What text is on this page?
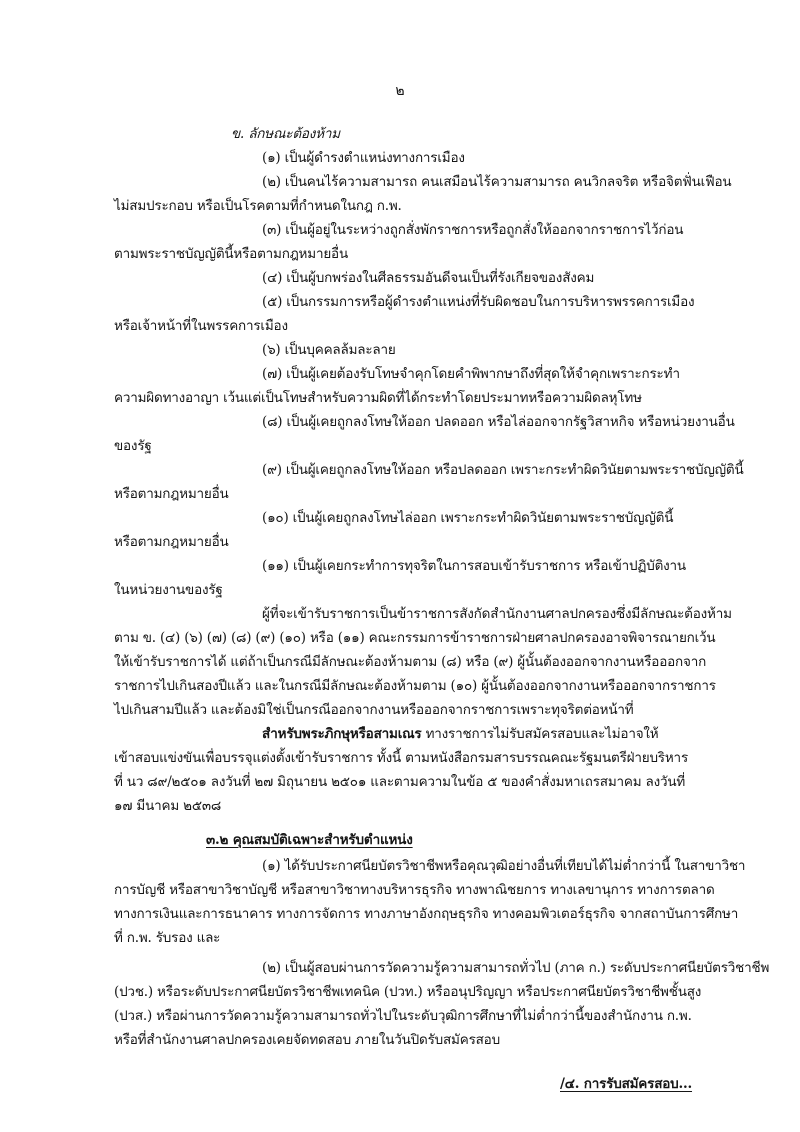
๒
ข. ลักษณะต้องห้าม
(๑) เป็นผู้ดำรงตำแหน่งทางการเมือง
(๒) เป็นคนไร้ความสามารถ คนเสมือนไร้ความสามารถ คนวิกลจริต หรือจิตฟั่นเฟือน
ไม่สมประกอบ หรือเป็นโรคตามที่กำหนดในกฎ ก.พ.
(๓) เป็นผู้อยู่ในระหว่างถูกสั่งพักราชการหรือถูกสั่งให้ออกจากราชการไว้ก่อน
ตามพระราชบัญญัตินี้หรือตามกฎหมายอื่น
(๔) เป็นผู้บกพร่องในศีลธรรมอันดีจนเป็นที่รังเกียจของสังคม
(๕) เป็นกรรมการหรือผู้ดำรงตำแหน่งที่รับผิดชอบในการบริหารพรรคการเมือง
หรือเจ้าหน้าที่ในพรรคการเมือง
(๖) เป็นบุคคลล้มละลาย
(๗) เป็นผู้เคยต้องรับโทษจำคุกโดยคำพิพากษาถึงที่สุดให้จำคุกเพราะกระทำ
ความผิดทางอาญา เว้นแต่เป็นโทษสำหรับความผิดที่ได้กระทำโดยประมาทหรือความผิดลหุโทษ
(๘) เป็นผู้เคยถูกลงโทษให้ออก ปลดออก หรือไล่ออกจากรัฐวิสาหกิจ หรือหน่วยงานอื่น
ของรัฐ
(๙) เป็นผู้เคยถูกลงโทษให้ออก หรือปลดออก เพราะกระทำผิดวินัยตามพระราชบัญญัตินี้
หรือตามกฎหมายอื่น
(๑๐) เป็นผู้เคยถูกลงโทษไล่ออก เพราะกระทำผิดวินัยตามพระราชบัญญัตินี้
หรือตามกฎหมายอื่น
(๑๑) เป็นผู้เคยกระทำการทุจริตในการสอบเข้ารับราชการ หรือเข้าปฏิบัติงาน
ในหน่วยงานของรัฐ
ผู้ที่จะเข้ารับราชการเป็นข้าราชการสังกัดสำนักงานศาลปกครองซึ่งมีลักษณะต้องห้าม
ตาม ข. (๔) (๖) (๗) (๘) (๙) (๑๐) หรือ (๑๑) คณะกรรมการข้าราชการฝ่ายศาลปกครองอาจพิจารณายกเว้น
ให้เข้ารับราชการได้ แต่ถ้าเป็นกรณีมีลักษณะต้องห้ามตาม (๘) หรือ (๙) ผู้นั้นต้องออกจากงานหรือออกจาก
ราชการไปเกินสองปีแล้ว และในกรณีมีลักษณะต้องห้ามตาม (๑๐) ผู้นั้นต้องออกจากงานหรือออกจากราชการ
ไปเกินสามปีแล้ว และต้องมิใช่เป็นกรณีออกจากงานหรือออกจากราชการเพราะทุจริตต่อหน้าที่
สำหรับพระภิกษุหรือสามเณร ทางราชการไม่รับสมัครสอบและไม่อาจให้
เข้าสอบแข่งขันเพื่อบรรจุแต่งตั้งเข้ารับราชการ ทั้งนี้ ตามหนังสือกรมสารบรรณคณะรัฐมนตรีฝ่ายบริหาร
ที่ นว ๘๙/๒๕๐๑ ลงวันที่ ๒๗ มิถุนายน ๒๕๐๑ และตามความในข้อ ๕ ของคำสั่งมหาเถรสมาคม ลงวันที่
๑๗ มีนาคม ๒๕๓๘
๓.๒ คุณสมบัติเฉพาะสำหรับตำแหน่ง
(๑) ได้รับประกาศนียบัตรวิชาชีพหรือคุณวุฒิอย่างอื่นที่เทียบได้ไม่ต่ำกว่านี้ ในสาขาวิชา
การบัญชี หรือสาขาวิชาบัญชี หรือสาขาวิชาทางบริหารธุรกิจ ทางพาณิชยการ ทางเลขานุการ ทางการตลาด
ทางการเงินและการธนาคาร ทางการจัดการ ทางภาษาอังกฤษธุรกิจ ทางคอมพิวเตอร์ธุรกิจ จากสถาบันการศึกษา
ที่ ก.พ. รับรอง และ
(๒) เป็นผู้สอบผ่านการวัดความรู้ความสามารถทั่วไป (ภาค ก.) ระดับประกาศนียบัตรวิชาชีพ
(ปวช.) หรือระดับประกาศนียบัตรวิชาชีพเทคนิค (ปวท.) หรืออนุปริญญา หรือประกาศนียบัตรวิชาชีพชั้นสูง
(ปวส.) หรือผ่านการวัดความรู้ความสามารถทั่วไปในระดับวุฒิการศึกษาที่ไม่ต่ำกว่านี้ของสำนักงาน ก.พ.
หรือที่สำนักงานศาลปกครองเคยจัดทดสอบ ภายในวันปิดรับสมัครสอบ
/๔. การรับสมัครสอบ...
